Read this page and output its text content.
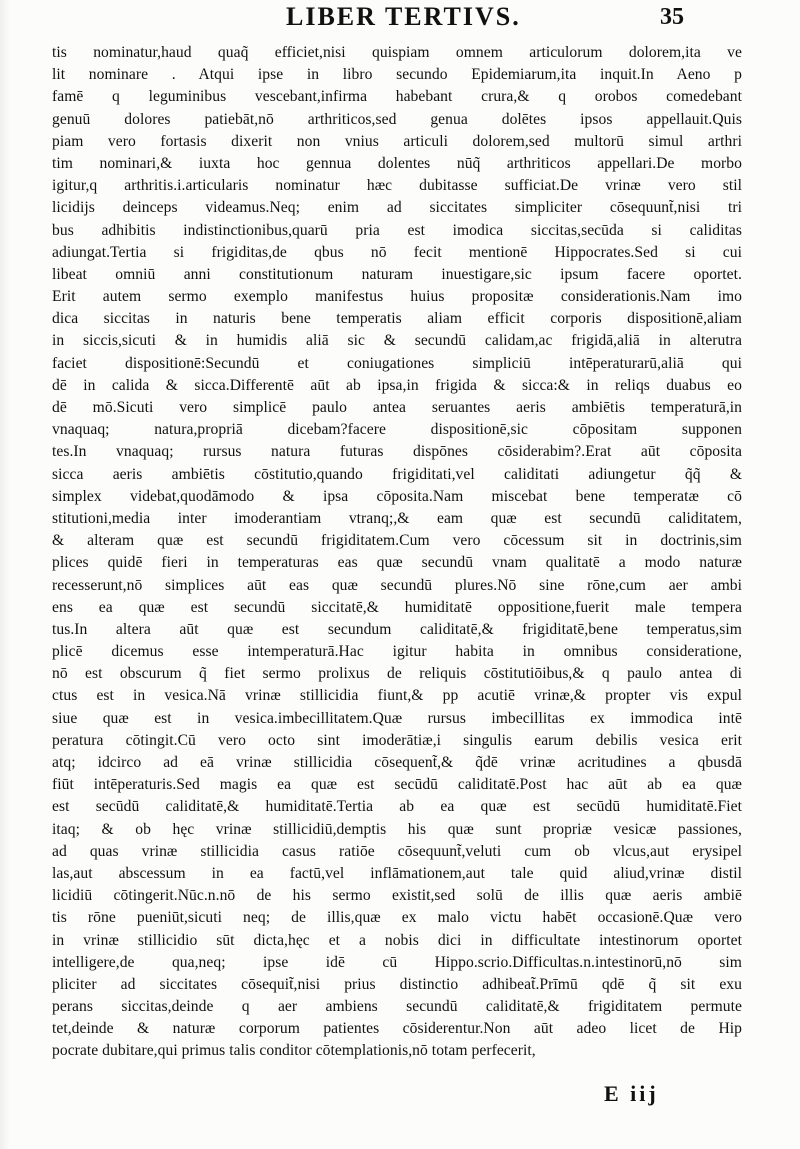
LIBER TERTIVS.	35
tis nominatur,haud quaq̃ efficiet,nisi quispiam omnem articulorum dolorem,ita ve
lit nominare . Atqui ipse in libro secundo Epidemiarum,ita inquit.In Aeno p
famē q leguminibus vescebant,infirma habebant crura,& q orobos comedebant
genuū dolores patiebāt,nō arthriticos,sed genua dolētes ipsos appellauit.Quis
piam vero fortasis dixerit non vnius articuli dolorem,sed multorū simul arthri
tim nominari,& iuxta hoc gennua dolentes nūq̃ arthriticos appellari.De morbo
igitur,q arthritis.i.articularis nominatur hæc dubitasse sufficiat.De vrinæ vero stil
licidijs deinceps videamus.Neq; enim ad siccitates simpliciter cōsequunt̃,nisi tri
bus adhibitis indistinctionibus,quarū pria est imodica siccitas,secūda si caliditas
adiungat.Tertia si frigiditas,de qbus nō fecit mentionē Hippocrates.Sed si cui
libeat omniū anni constitutionum naturam inuestigare,sic ipsum facere oportet.
Erit autem sermo exemplo manifestus huius propositæ considerationis.Nam imo
dica siccitas in naturis bene temperatis aliam efficit corporis dispositionē,aliam
in siccis,sicuti & in humidis aliā sic & secundū calidam,ac frigidā,aliā in alterutra
faciet dispositionē:Secundū et coniugationes simpliciū intēperaturarū,aliā qui
dē in calida & sicca.Differentē aūt ab ipsa,in frigida & sicca:& in reliqs duabus eo
dē mō.Sicuti vero simplicē paulo antea seruantes aeris ambiētis temperaturā,in
vnaquaq; natura,propriā dicebam?facere dispositionē,sic cōpositam supponen
tes.In vnaquaq; rursus natura futuras dispōnes cōsiderabim?.Erat aūt cōposita
sicca aeris ambiētis cōstitutio,quando frigiditati,vel caliditati adiungetur q̃q̃ &
simplex videbat,quodāmodo & ipsa cōposita.Nam miscebat bene temperatæ cō
stitutioni,media inter imoderantiam vtranq;,& eam quæ est secundū caliditatem,
& alteram quæ est secundū frigiditatem.Cum vero cōcessum sit in doctrinis,sim
plices quidē fieri in temperaturas eas quæ secundū vnam qualitatē a modo naturæ
recesserunt,nō simplices aūt eas quæ secundū plures.Nō sine rōne,cum aer ambi
ens ea quæ est secundū siccitatē,& humiditatē oppositione,fuerit male tempera
tus.In altera aūt quæ est secundum caliditatē,& frigiditatē,bene temperatus,sim
plicē dicemus esse intemperaturā.Hac igitur habita in omnibus consideratione,
nō est obscurum q̃ fiet sermo prolixus de reliquis cōstitutiōibus,& q paulo antea di
ctus est in vesica.Nā vrinæ stillicidia fiunt,& pp acutiē vrinæ,& propter vis expul
siue quæ est in vesica.imbecillitatem.Quæ rursus imbecillitas ex immodica intē
peratura cōtingit.Cū vero octo sint imoderātiæ,i singulis earum debilis vesica erit
atq; idcirco ad eā vrinæ stillicidia cōsequent̃,& q̃dē vrinæ acritudines a qbusdā
fiūt intēperaturis.Sed magis ea quæ est secūdū caliditatē.Post hac aūt ab ea quæ
est secūdū caliditatē,& humiditatē.Tertia ab ea quæ est secūdū humiditatē.Fiet
itaq; & ob hęc vrinæ stillicidiū,demptis his quæ sunt propriæ vesicæ passiones,
ad quas vrinæ stillicidia casus ratiōe cōsequunt̃,veluti cum ob vlcus,aut erysipel
las,aut abscessum in ea factū,vel inflāmationem,aut tale quid aliud,vrinæ distil
licidiū cōtingerit.Nūc.n.nō de his sermo existit,sed solū de illis quæ aeris ambiē
tis rōne pueniūt,sicuti neq; de illis,quæ ex malo victu habēt occasionē.Quæ vero
in vrinæ stillicidio sūt dicta,hęc et a nobis dici in difficultate intestinorum oportet
intelligere,de qua,neq; ipse idē cū Hippo.scrio.Difficultas.n.intestinorū,nō sim
pliciter ad siccitates cōsequit̃,nisi prius distinctio adhibeat̃.Prīmū qdē q̃ sit exu
perans siccitas,deinde q aer ambiens secundū caliditatē,& frigiditatem permute
tet,deinde & naturæ corporum patientes cōsiderentur.Non aūt adeo licet de Hip
pocrate dubitare,qui primus talis conditor cōtemplationis,nō totam perfecerit,
E iij
